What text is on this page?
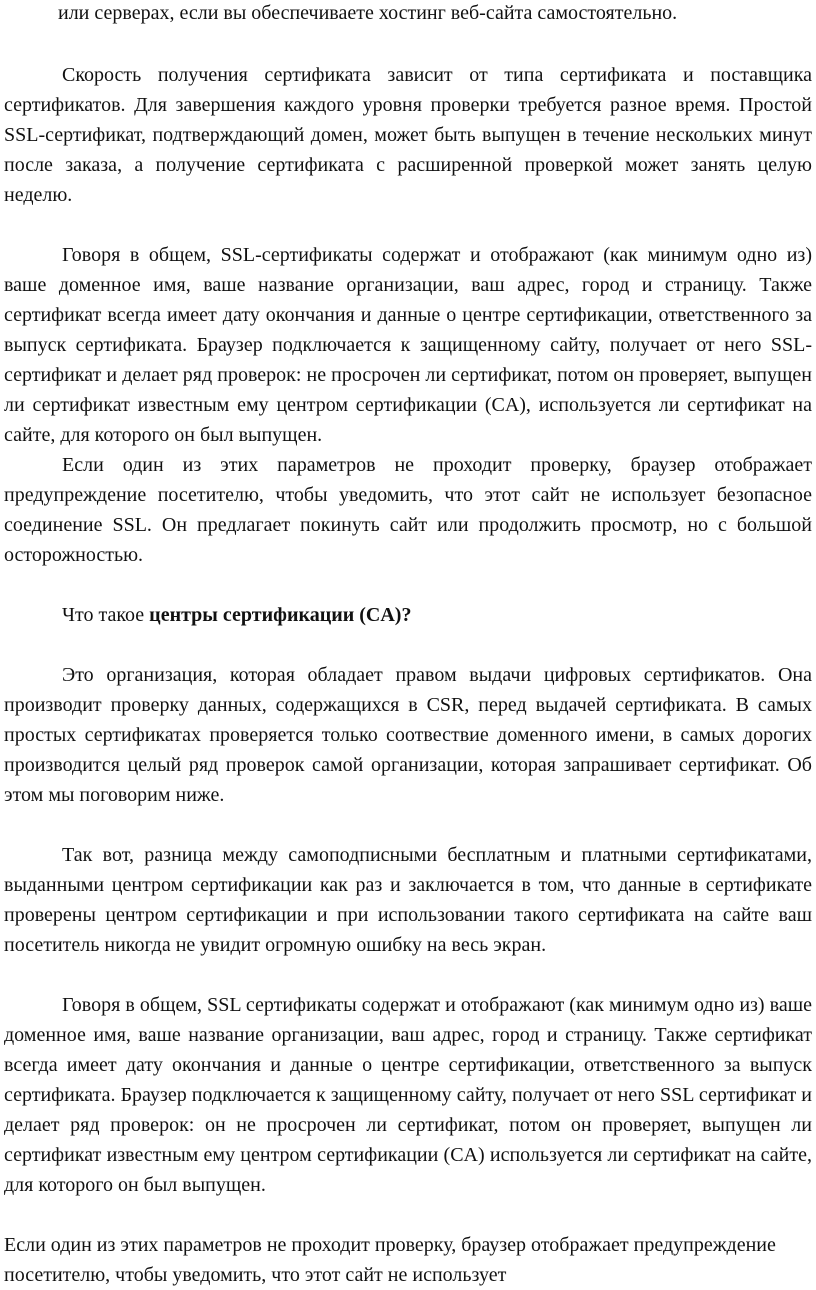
или серверах, если вы обеспечиваете хостинг веб-сайта самостоятельно.

Скорость получения сертификата зависит от типа сертификата и поставщика сертификатов. Для завершения каждого уровня проверки требуется разное время. Простой SSL-сертификат, подтверждающий домен, может быть выпущен в течение нескольких минут после заказа, а получение сертификата с расширенной проверкой может занять целую неделю.

Говоря в общем, SSL-сертификаты содержат и отображают (как минимум одно из) ваше доменное имя, ваше название организации, ваш адрес, город и страницу. Также сертификат всегда имеет дату окончания и данные о центре сертификации, ответственного за выпуск сертификата. Браузер подключается к защищенному сайту, получает от него SSL-сертификат и делает ряд проверок: не просрочен ли сертификат, потом он проверяет, выпущен ли сертификат известным ему центром сертификации (CA), используется ли сертификат на сайте, для которого он был выпущен.

Если один из этих параметров не проходит проверку, браузер отображает предупреждение посетителю, чтобы уведомить, что этот сайт не использует безопасное соединение SSL. Он предлагает покинуть сайт или продолжить просмотр, но с большой осторожностью.

Что такое центры сертификации (CA)?

Это организация, которая обладает правом выдачи цифровых сертификатов. Она производит проверку данных, содержащихся в CSR, перед выдачей сертификата. В самых простых сертификатах проверяется только соотвествие доменного имени, в самых дорогих производится целый ряд проверок самой организации, которая запрашивает сертификат. Об этом мы поговорим ниже.

Так вот, разница между самоподписными бесплатным и платными сертификатами, выданными центром сертификации как раз и заключается в том, что данные в сертификате проверены центром сертификации и при использовании такого сертификата на сайте ваш посетитель никогда не увидит огромную ошибку на весь экран.

Говоря в общем, SSL сертификаты содержат и отображают (как минимум одно из) ваше доменное имя, ваше название организации, ваш адрес, город и страницу. Также сертификат всегда имеет дату окончания и данные о центре сертификации, ответственного за выпуск сертификата. Браузер подключается к защищенному сайту, получает от него SSL сертификат и делает ряд проверок: он не просрочен ли сертификат, потом он проверяет, выпущен ли сертификат известным ему центром сертификации (CA) используется ли сертификат на сайте, для которого он был выпущен.

Если один из этих параметров не проходит проверку, браузер отображает предупреждение посетителю, чтобы уведомить, что этот сайт не использует
